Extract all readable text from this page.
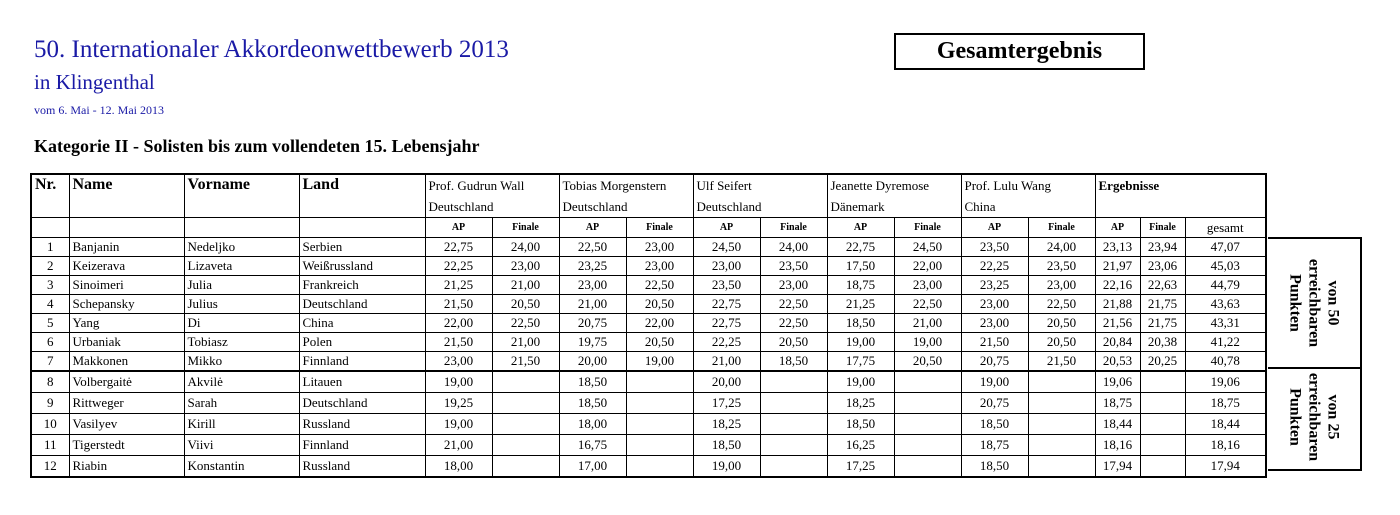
50. Internationaler Akkordeonwettbewerb 2013
in Klingenthal
vom 6. Mai - 12. Mai 2013
Gesamtergebnis
Kategorie II - Solisten bis zum vollendeten 15. Lebensjahr
Nr.	Name	Vorname	Land	Prof. Gudrun Wall		Tobias Morgenstern		Ulf Seifert		Jeanette Dyremose		Prof. Lulu Wang		Ergebnisse		
				Deutschland		Deutschland		Deutschland		Dänemark		China				
				AP	Finale	AP	Finale	AP	Finale	AP	Finale	AP	Finale	AP	Finale	gesamt
1	Banjanin	Nedeljko	Serbien	22,75	24,00	22,50	23,00	24,50	24,00	22,75	24,50	23,50	24,00	23,13	23,94	47,07
2	Keizerava	Lizaveta	Weißrussland	22,25	23,00	23,25	23,00	23,00	23,50	17,50	22,00	22,25	23,50	21,97	23,06	45,03
3	Sinoimeri	Julia	Frankreich	21,25	21,00	23,00	22,50	23,50	23,00	18,75	23,00	23,25	23,00	22,16	22,63	44,79
4	Schepansky	Julius	Deutschland	21,50	20,50	21,00	20,50	22,75	22,50	21,25	22,50	23,00	22,50	21,88	21,75	43,63
5	Yang	Di	China	22,00	22,50	20,75	22,00	22,75	22,50	18,50	21,00	23,00	20,50	21,56	21,75	43,31
6	Urbaniak	Tobiasz	Polen	21,50	21,00	19,75	20,50	22,25	20,50	19,00	19,00	21,50	20,50	20,84	20,38	41,22
7	Makkonen	Mikko	Finnland	23,00	21,50	20,00	19,00	21,00	18,50	17,75	20,50	20,75	21,50	20,53	20,25	40,78
8	Volbergaitė	Akvilė	Litauen	19,00		18,50		20,00		19,00		19,00		19,06		19,06
9	Rittweger	Sarah	Deutschland	19,25		18,50		17,25		18,25		20,75		18,75		18,75
10	Vasilyev	Kirill	Russland	19,00		18,00		18,25		18,50		18,50		18,44		18,44
11	Tigerstedt	Viivi	Finnland	21,00		16,75		18,50		16,25		18,75		18,16		18,16
12	Riabin	Konstantin	Russland	18,00		17,00		19,00		17,25		18,50		17,94		17,94
von 50
erreichbaren
Punkten
von 25
erreichbaren
Punkten
